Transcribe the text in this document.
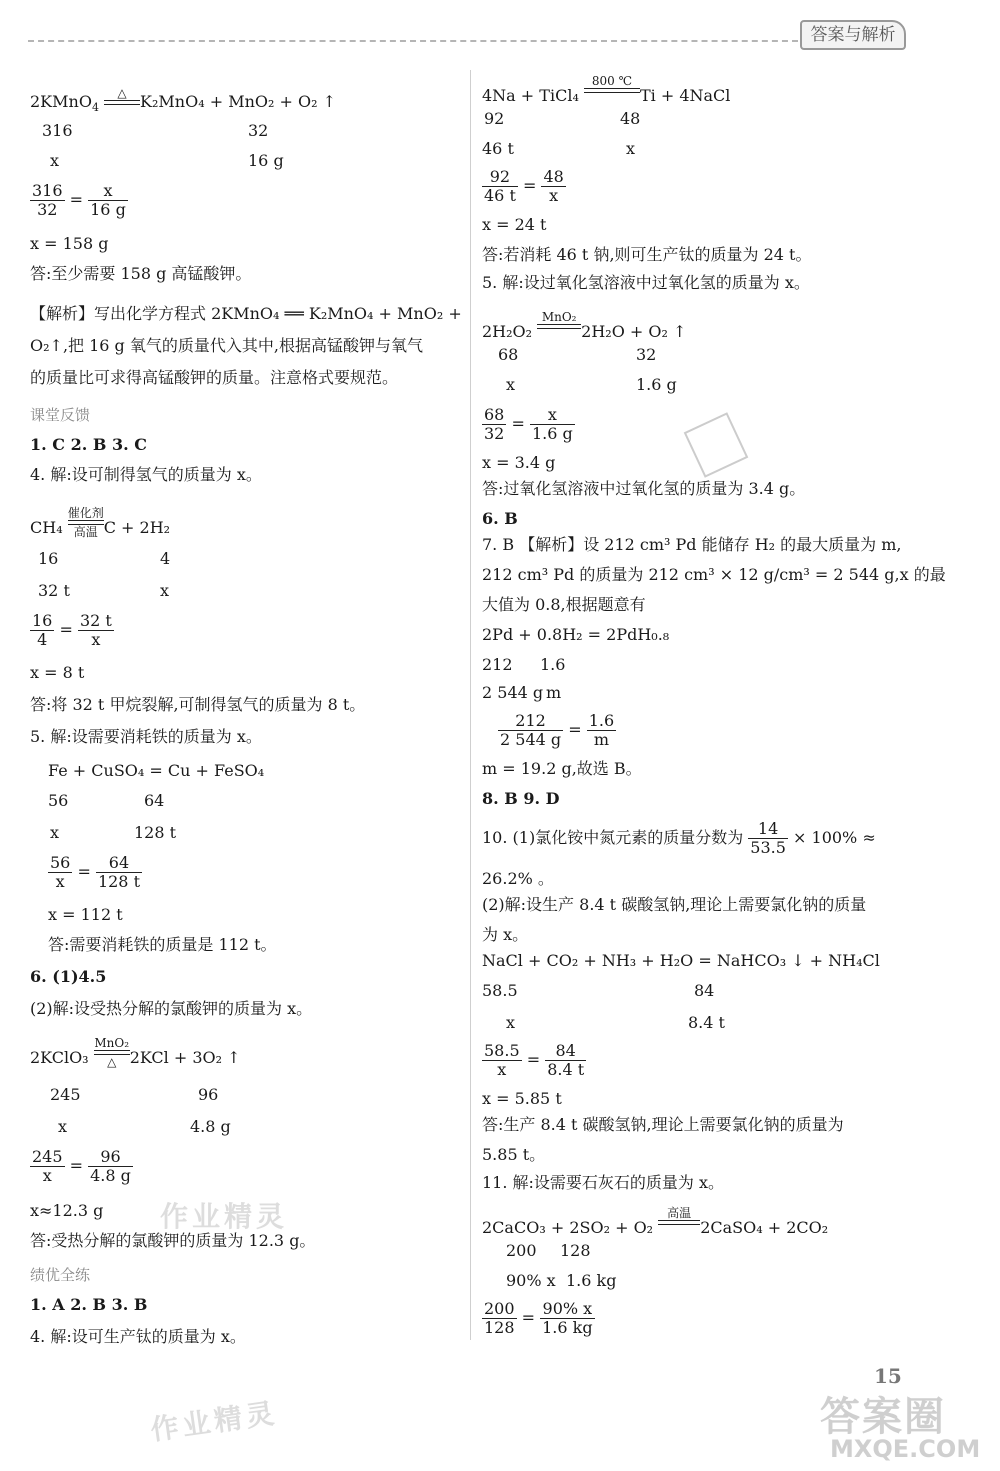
答案与解析
2KMnO$_4$
△
K₂MnO₄ + MnO₂ + O₂ ↑
316	32
x	16 g
$\frac{316}{32} = \frac{x}{16 g}$
x = 158 g
答:至少需要 158 g 高锰酸钾。
【解析】写出化学方程式 2KMnO₄ ══ K₂MnO₄ + MnO₂ +
O₂↑,把 16 g 氧气的质量代入其中,根据高锰酸钾与氧气
的质量比可求得高锰酸钾的质量。注意格式要规范。
课堂反馈
1. C 2. B 3. C
4. 解:设可制得氢气的质量为 x。
CH₄
催化剂
高温 C + 2H₂
16	4
32 t	x
$\frac{16}{4} = \frac{32 t}{x}$
x = 8 t
答:将 32 t 甲烷裂解,可制得氢气的质量为 8 t。
5. 解:设需要消耗铁的质量为 x。
Fe + CuSO₄ = Cu + FeSO₄
56	64
x	128 t
$\frac{56}{x} = \frac{64}{128 t}$
x = 112 t
答:需要消耗铁的质量是 112 t。
6. (1)4.5
(2)解:设受热分解的氯酸钾的质量为 x。
2KClO₃
MnO₂
△ 2KCl + 3O₂ ↑
245	96
x	4.8 g
$\frac{245}{x} = \frac{96}{4.8 g}$
x≈12.3 g
答:受热分解的氯酸钾的质量为 12.3 g。
绩优全练
1. A 2. B 3. B
4. 解:设可生产钛的质量为 x。
4Na + TiCl₄
800 ℃

Ti + 4NaCl
92	48
46 t	x
$\frac{92}{46 t} = \frac{48}{x}$
x = 24 t
答:若消耗 46 t 钠,则可生产钛的质量为 24 t。
5. 解:设过氧化氢溶液中过氧化氢的质量为 x。
2H₂O₂
MnO₂

2H₂O + O₂ ↑
68	32
x	1.6 g
$\frac{68}{32} = \frac{x}{1.6 g}$
x = 3.4 g
答:过氧化氢溶液中过氧化氢的质量为 3.4 g。
6. B
7. B 【解析】设 212 cm³ Pd 能储存 H₂ 的最大质量为 m,
212 cm³ Pd 的质量为 212 cm³ × 12 g/cm³ = 2 544 g,x 的最
大值为 0.8,根据题意有
2Pd + 0.8H₂ = 2PdH₀.₈
212 1.6
2 544 g m
$\frac{212}{2 544 g} = \frac{1.6}{m}$
m = 19.2 g,故选 B。
8. B 9. D
10. (1)氯化铵中氮元素的质量分数为 $\frac{14}{53.5} \times 100\%$ ≈
26.2% 。
(2)解:设生产 8.4 t 碳酸氢钠,理论上需要氯化钠的质量
为 x。
NaCl + CO₂ + NH₃ + H₂O = NaHCO₃ ↓ + NH₄Cl
58.5	84
x	8.4 t
$\frac{58.5}{x} = \frac{84}{8.4 t}$
x = 5.85 t
答:生产 8.4 t 碳酸氢钠,理论上需要氯化钠的质量为
5.85 t。
11. 解:设需要石灰石的质量为 x。
2CaCO₃ + 2SO₂ + O₂
高温

2CaSO₄ + 2CO₂
200 128
90% x 1.6 kg
$\frac{200}{128} = \frac{90\% x}{1.6 kg}$
作业精灵
作业精灵
15
答案圈
MXQE.COM
